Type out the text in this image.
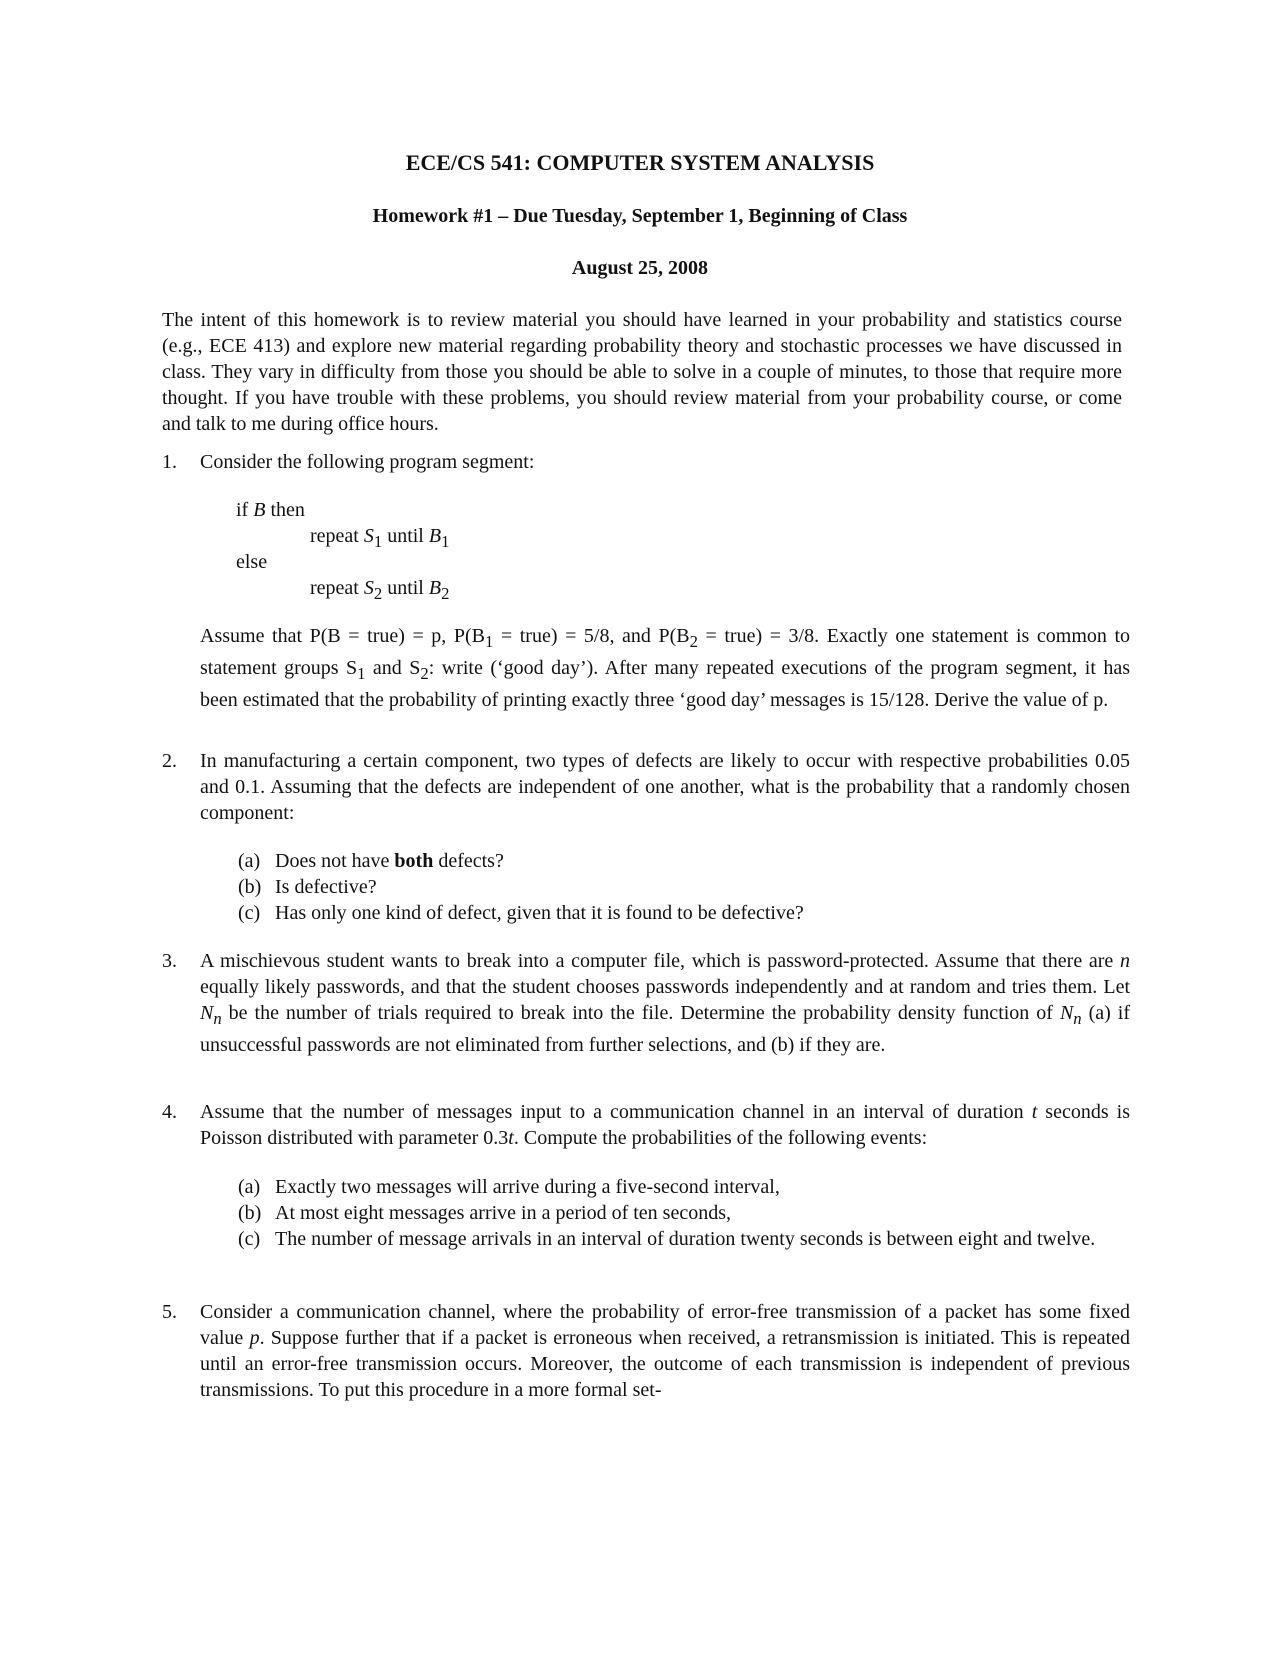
ECE/CS 541: COMPUTER SYSTEM ANALYSIS
Homework #1 – Due Tuesday, September 1, Beginning of Class
August 25, 2008

The intent of this homework is to review material you should have learned in your probability and statistics course (e.g., ECE 413) and explore new material regarding probability theory and stochastic processes we have discussed in class. They vary in difficulty from those you should be able to solve in a couple of minutes, to those that require more thought. If you have trouble with these problems, you should review material from your probability course, or come and talk to me during office hours.

1. Consider the following program segment:

if B then
repeat $S_1$ until $B_1$
else
repeat $S_2$ until $B_2$

Assume that P(B = true) = p, $P(B_1$ = true) = 5/8, and $P(B_2$ = true) = 3/8. Exactly one statement is common to statement groups $S_1$ and $S_2$: write (‘good day’). After many repeated executions of the program segment, it has been estimated that the probability of printing exactly three ‘good day’ messages is 15/128. Derive the value of p.

2. In manufacturing a certain component, two types of defects are likely to occur with respective probabilities 0.05 and 0.1. Assuming that the defects are independent of one another, what is the probability that a randomly chosen component:

(a) Does not have both defects?
(b) Is defective?
(c) Has only one kind of defect, given that it is found to be defective?
3. A mischievous student wants to break into a computer file, which is password-protected. Assume that there are n equally likely passwords, and that the student chooses passwords independently and at random and tries them. Let $N_n$ be the number of trials required to break into the file. Determine the probability density function of $N_n$ (a) if unsuccessful passwords are not eliminated from further selections, and (b) if they are.

4. Assume that the number of messages input to a communication channel in an interval of duration t seconds is Poisson distributed with parameter 0.3t. Compute the probabilities of the following events:

(a) Exactly two messages will arrive during a five-second interval,
(b) At most eight messages arrive in a period of ten seconds,
(c) The number of message arrivals in an interval of duration twenty seconds is between eight and twelve.
5. Consider a communication channel, where the probability of error-free transmission of a packet has some fixed value p. Suppose further that if a packet is erroneous when received, a retransmission is initiated. This is repeated until an error-free transmission occurs. Moreover, the outcome of each transmission is independent of previous transmissions. To put this procedure in a more formal set-
